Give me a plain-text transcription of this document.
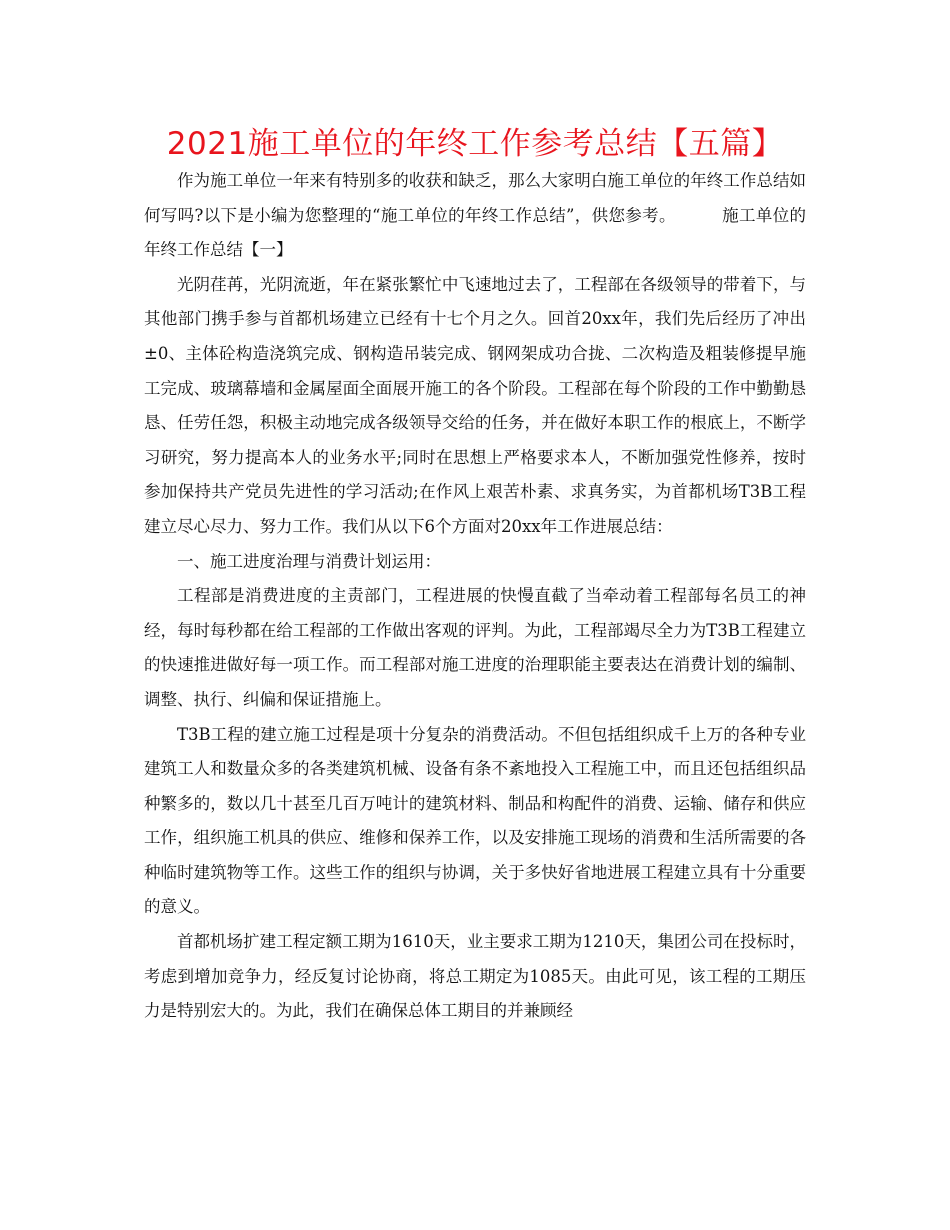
2021施工单位的年终工作参考总结【五篇】

作为施工单位一年来有特别多的收获和缺乏，那么大家明白施工单位的年终工作总结如何写吗?以下是小编为您整理的“施工单位的年终工作总结”，供您参考。	施工单位的年终工作总结【一】

光阴荏苒，光阴流逝，年在紧张繁忙中飞速地过去了，工程部在各级领导的带着下，与其他部门携手参与首都机场建立已经有十七个月之久。回首20xx年，我们先后经历了冲出±0、主体砼构造浇筑完成、钢构造吊装完成、钢网架成功合拢、二次构造及粗装修提早施工完成、玻璃幕墙和金属屋面全面展开施工的各个阶段。工程部在每个阶段的工作中勤勤恳恳、任劳任怨，积极主动地完成各级领导交给的任务，并在做好本职工作的根底上，不断学习研究，努力提高本人的业务水平;同时在思想上严格要求本人，不断加强党性修养，按时参加保持共产党员先进性的学习活动;在作风上艰苦朴素、求真务实，为首都机场T3B工程建立尽心尽力、努力工作。我们从以下6个方面对20xx年工作进展总结：

一、施工进度治理与消费计划运用：

工程部是消费进度的主责部门，工程进展的快慢直截了当牵动着工程部每名员工的神经，每时每秒都在给工程部的工作做出客观的评判。为此，工程部竭尽全力为T3B工程建立的快速推进做好每一项工作。而工程部对施工进度的治理职能主要表达在消费计划的编制、调整、执行、纠偏和保证措施上。

T3B工程的建立施工过程是项十分复杂的消费活动。不但包括组织成千上万的各种专业建筑工人和数量众多的各类建筑机械、设备有条不紊地投入工程施工中，而且还包括组织品种繁多的，数以几十甚至几百万吨计的建筑材料、制品和构配件的消费、运输、储存和供应工作，组织施工机具的供应、维修和保养工作，以及安排施工现场的消费和生活所需要的各种临时建筑物等工作。这些工作的组织与协调，关于多快好省地进展工程建立具有十分重要的意义。

首都机场扩建工程定额工期为1610天，业主要求工期为1210天，集团公司在投标时，考虑到增加竞争力，经反复讨论协商，将总工期定为1085天。由此可见，该工程的工期压力是特别宏大的。为此，我们在确保总体工期目的并兼顾经
